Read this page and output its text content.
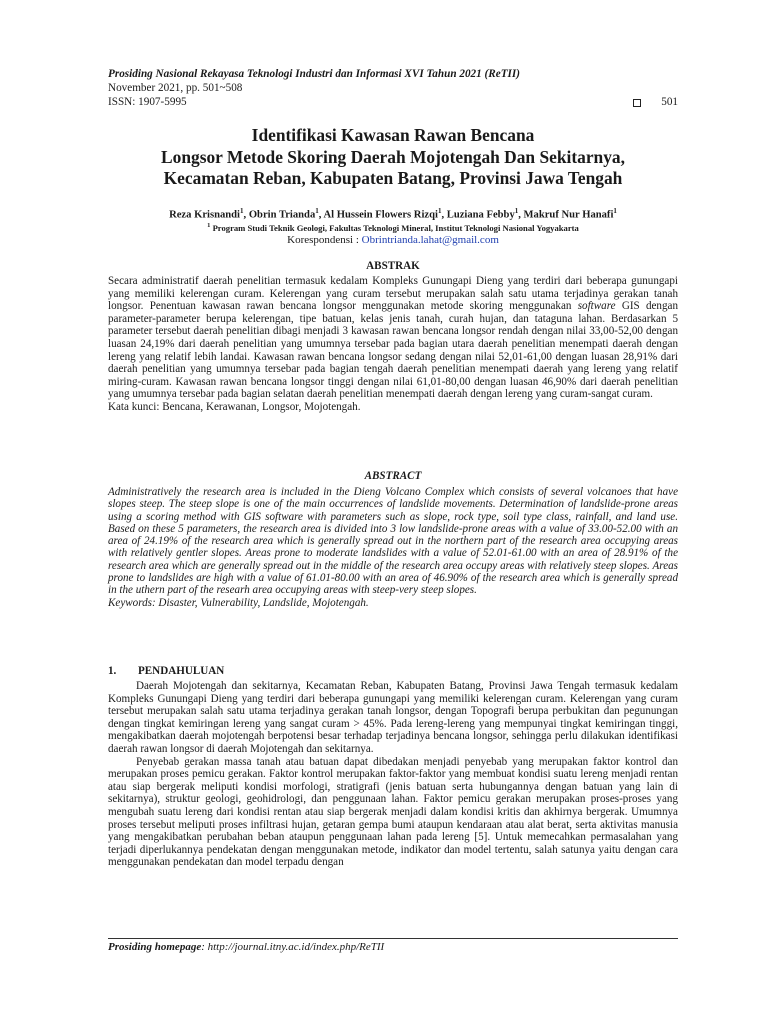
Prosiding Nasional Rekayasa Teknologi Industri dan Informasi XVI Tahun 2021 (ReTII)
November 2021, pp. 501~508
ISSN: 1907-5995	501
Identifikasi Kawasan Rawan Bencana
Longsor Metode Skoring Daerah Mojotengah Dan Sekitarnya,
Kecamatan Reban, Kabupaten Batang, Provinsi Jawa Tengah
Reza Krisnandi$^1$, Obrin Trianda$^1$, Al Hussein Flowers Rizqi$^1$, Luziana Febby$^1$, Makruf Nur Hanafi$^1$
$^1$ Program Studi Teknik Geologi, Fakultas Teknologi Mineral, Institut Teknologi Nasional Yogyakarta
Korespondensi : Obrintrianda.lahat@gmail.com
ABSTRAK

Secara administratif daerah penelitian termasuk kedalam Kompleks Gunungapi Dieng yang terdiri dari beberapa gunungapi yang memiliki kelerengan curam. Kelerengan yang curam tersebut merupakan salah satu utama terjadinya gerakan tanah longsor. Penentuan kawasan rawan bencana longsor menggunakan metode skoring menggunakan software GIS dengan parameter-parameter berupa kelerengan, tipe batuan, kelas jenis tanah, curah hujan, dan tataguna lahan. Berdasarkan 5 parameter tersebut daerah penelitian dibagi menjadi 3 kawasan rawan bencana longsor rendah dengan nilai 33,00-52,00 dengan luasan 24,19% dari daerah penelitian yang umumnya tersebar pada bagian utara daerah penelitian menempati daerah dengan lereng yang relatif lebih landai. Kawasan rawan bencana longsor sedang dengan nilai 52,01-61,00 dengan luasan 28,91% dari daerah penelitian yang umumnya tersebar pada bagian tengah daerah penelitian menempati daerah yang lereng yang relatif miring-curam. Kawasan rawan bencana longsor tinggi dengan nilai 61,01-80,00 dengan luasan 46,90% dari daerah penelitian yang umumnya tersebar pada bagian selatan daerah penelitian menempati daerah dengan lereng yang curam-sangat curam.

Kata kunci: Bencana, Kerawanan, Longsor, Mojotengah.

ABSTRACT

Administratively the research area is included in the Dieng Volcano Complex which consists of several volcanoes that have slopes steep. The steep slope is one of the main occurrences of landslide movements. Determination of landslide-prone areas using a scoring method with GIS software with parameters such as slope, rock type, soil type class, rainfall, and land use. Based on these 5 parameters, the research area is divided into 3 low landslide-prone areas with a value of 33.00-52.00 with an area of 24.19% of the research area which is generally spread out in the northern part of the research area occupying areas with relatively gentler slopes. Areas prone to moderate landslides with a value of 52.01-61.00 with an area of 28.91% of the research area which are generally spread out in the middle of the research area occupy areas with relatively steep slopes. Areas prone to landslides are high with a value of 61.01-80.00 with an area of 46.90% of the research area which is generally spread in the uthern part of the researh area occupying areas with steep-very steep slopes.

Keywords: Disaster, Vulnerability, Landslide, Mojotengah.

1. PENDAHULUAN

Daerah Mojotengah dan sekitarnya, Kecamatan Reban, Kabupaten Batang, Provinsi Jawa Tengah termasuk kedalam Kompleks Gunungapi Dieng yang terdiri dari beberapa gunungapi yang memiliki kelerengan curam. Kelerengan yang curam tersebut merupakan salah satu utama terjadinya gerakan tanah longsor, dengan Topografi berupa perbukitan dan pegunungan dengan tingkat kemiringan lereng yang sangat curam > 45%. Pada lereng-lereng yang mempunyai tingkat kemiringan tinggi, mengakibatkan daerah mojotengah berpotensi besar terhadap terjadinya bencana longsor, sehingga perlu dilakukan identifikasi daerah rawan longsor di daerah Mojotengah dan sekitarnya.

Penyebab gerakan massa tanah atau batuan dapat dibedakan menjadi penyebab yang merupakan faktor kontrol dan merupakan proses pemicu gerakan. Faktor kontrol merupakan faktor-faktor yang membuat kondisi suatu lereng menjadi rentan atau siap bergerak meliputi kondisi morfologi, stratigrafi (jenis batuan serta hubungannya dengan batuan yang lain di sekitarnya), struktur geologi, geohidrologi, dan penggunaan lahan. Faktor pemicu gerakan merupakan proses-proses yang mengubah suatu lereng dari kondisi rentan atau siap bergerak menjadi dalam kondisi kritis dan akhirnya bergerak. Umumnya proses tersebut meliputi proses infiltrasi hujan, getaran gempa bumi ataupun kendaraan atau alat berat, serta aktivitas manusia yang mengakibatkan perubahan beban ataupun penggunaan lahan pada lereng [5]. Untuk memecahkan permasalahan yang terjadi diperlukannya pendekatan dengan menggunakan metode, indikator dan model tertentu, salah satunya yaitu dengan cara menggunakan pendekatan dan model terpadu dengan

Prosiding homepage: http://journal.itny.ac.id/index.php/ReTII
